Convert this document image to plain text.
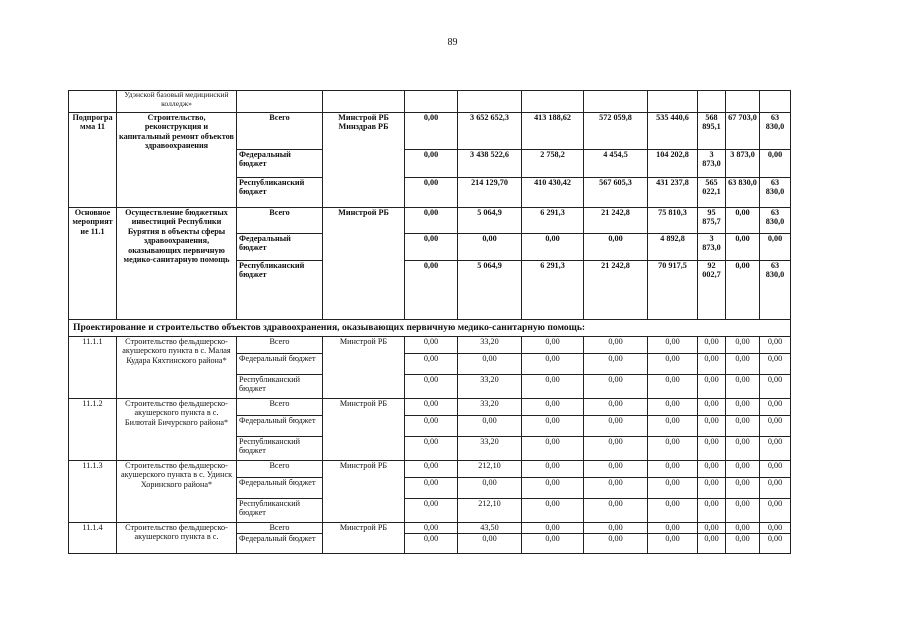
89
	Удэнской базовый медицинский колледж»										
Подпрограмма 11	Строительство, реконструкция и капитальный ремонт объектов здравоохранения	Всего	Минстрой РБ Минздрав РБ	0,00	3 652 652,3	413 188,62	572 059,8	535 440,6	568 895,1	67 703,0	63 830,0
		Федеральный бюджет		0,00	3 438 522,6	2 758,2	4 454,5	104 202,8	3 873,0	3 873,0	0,00
		Республиканский бюджет		0,00	214 129,70	410 430,42	567 605,3	431 237,8	565 022,1	63 830,0	63 830,0
Основное мероприятие 11.1	Осуществление бюджетных инвестиций Республики Бурятия в объекты сферы здравоохранения, оказывающих первичную медико-санитарную помощь	Всего	Минстрой РБ	0,00	5 064,9	6 291,3	21 242,8	75 810,3	95 875,7	0,00	63 830,0
		Федеральный бюджет		0,00	0,00	0,00	0,00	4 892,8	3 873,0	0,00	0,00
		Республиканский бюджет		0,00	5 064,9	6 291,3	21 242,8	70 917,5	92 002,7	0,00	63 830,0
Проектирование и строительство объектов здравоохранения, оказывающих первичную медико-санитарную помощь:											
11.1.1	Строительство фельдшерско-акушерского пункта в с. Малая Кудара Кяхтинского района*	Всего	Минстрой РБ	0,00	33,20	0,00	0,00	0,00	0,00	0,00	0,00
		Федеральный бюджет		0,00	0,00	0,00	0,00	0,00	0,00	0,00	0,00
		Республиканский бюджет		0,00	33,20	0,00	0,00	0,00	0,00	0,00	0,00
11.1.2	Строительство фельдшерско-акушерского пункта в с. Билютай Бичурского района*	Всего	Минстрой РБ	0,00	33,20	0,00	0,00	0,00	0,00	0,00	0,00
		Федеральный бюджет		0,00	0,00	0,00	0,00	0,00	0,00	0,00	0,00
		Республиканский бюджет		0,00	33,20	0,00	0,00	0,00	0,00	0,00	0,00
11.1.3	Строительство фельдшерско-акушерского пункта в с. Удинск Хоринского района*	Всего	Минстрой РБ	0,00	212,10	0,00	0,00	0,00	0,00	0,00	0,00
		Федеральный бюджет		0,00	0,00	0,00	0,00	0,00	0,00	0,00	0,00
		Республиканский бюджет		0,00	212,10	0,00	0,00	0,00	0,00	0,00	0,00
11.1.4	Строительство фельдшерско-акушерского пункта в с.	Всего	Минстрой РБ	0,00	43,50	0,00	0,00	0,00	0,00	0,00	0,00
		Федеральный бюджет		0,00	0,00	0,00	0,00	0,00	0,00	0,00	0,00
